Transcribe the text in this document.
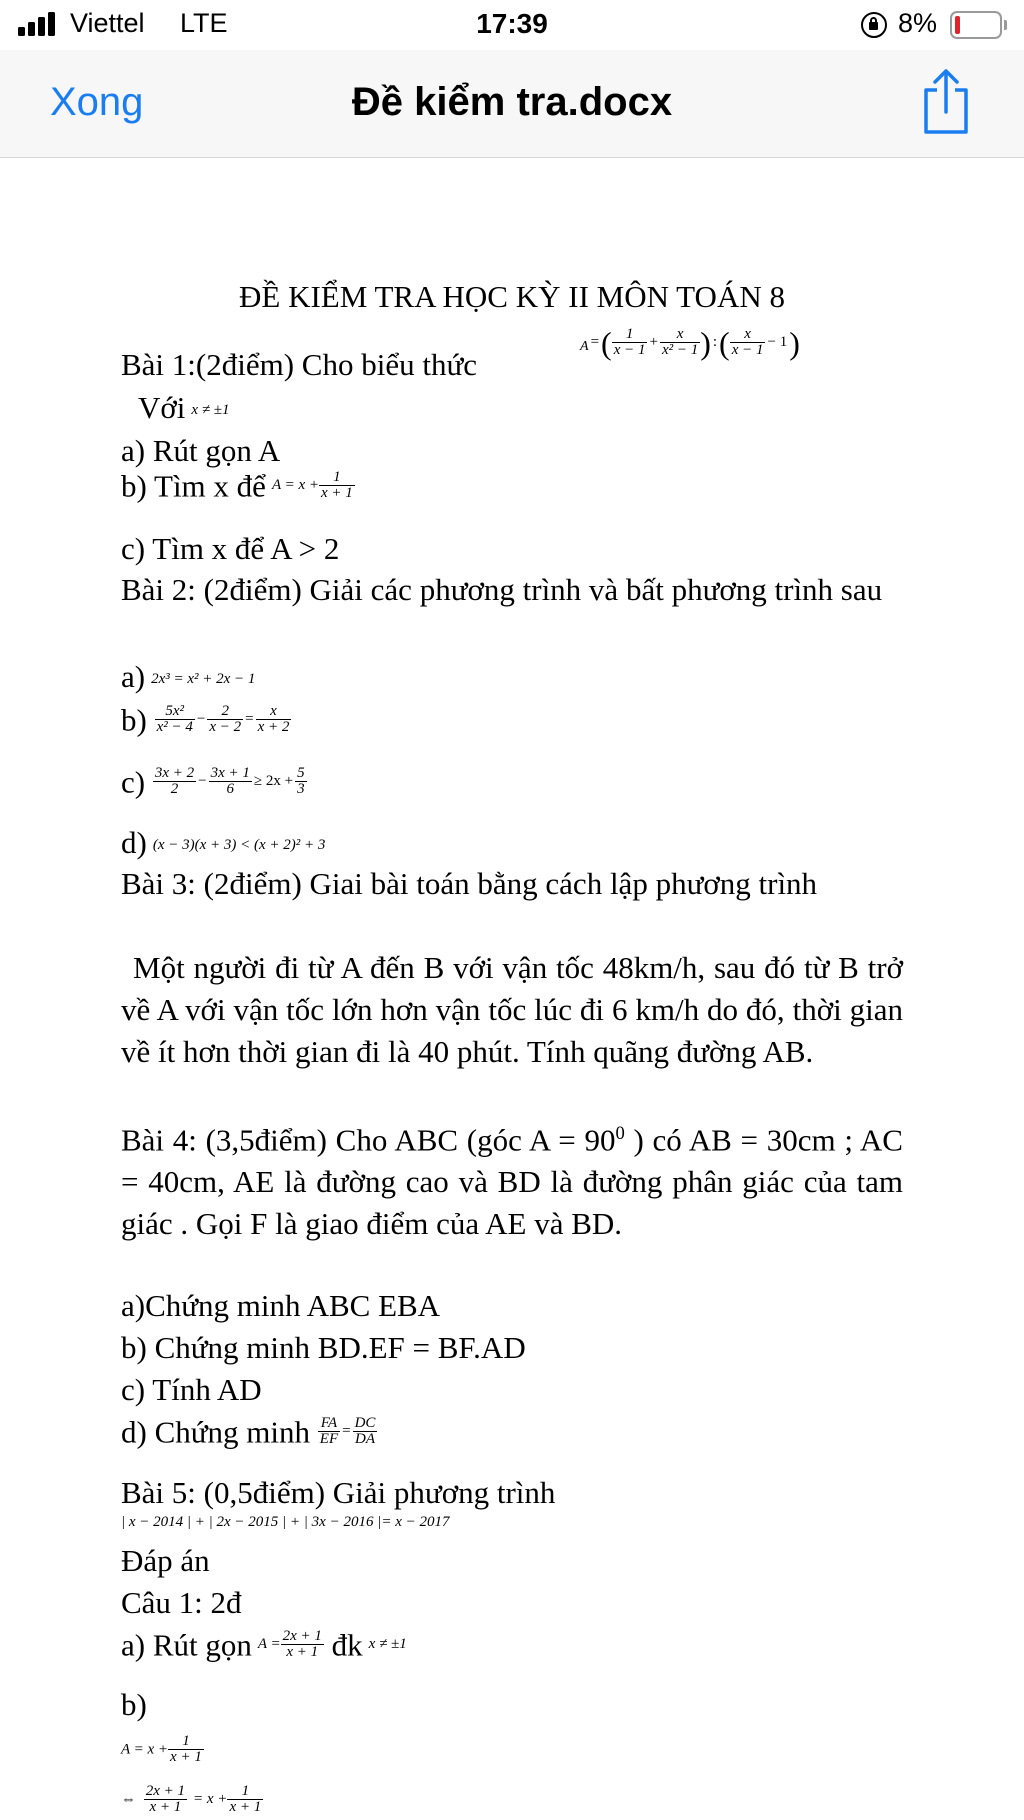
Viettel LTE	17:39	8%
Xong	Đề kiểm tra.docx
ĐỀ KIỂM TRA HỌC KỲ II MÔN TOÁN 8
Bài 1:(2điểm) Cho biểu thức
A =( $\frac{1}{x - 1} + \frac{x}{\text{x² − 1}}$ ) :( $\frac{x}{x - 1} - 1$)
Với x ≠ ±1
a) Rút gọn A
b) Tìm x để $A = x + \frac{1}{x + 1}$
c) Tìm x để A > 2
Bài 2: (2điểm) Giải các phương trình và bất phương trình sau
a) 2x³ = x² + 2x − 1
$b) \frac{\text{5x²}}{\text{x² − 4}} - \frac{2}{x - 2} = \frac{x}{x + 2}$
$c) \frac{3x + 2}{2} - \frac{3x + 1}{6} \ge 2x + \frac{5}{3}$
d) (x − 3)(x + 3) < (x + 2)² + 3
Bài 3: (2điểm) Giai bài toán bằng cách lập phương trình
Một người đi từ A đến B với vận tốc 48km/h, sau đó từ B trở về A với vận tốc lớn hơn vận tốc lúc đi 6 km/h do đó, thời gian về ít hơn thời gian đi là 40 phút. Tính quãng đường AB.
Bài 4: (3,5điểm) Cho ABC (góc $A = 90^0$ ) có AB = 30cm ; AC = 40cm, AE là đường cao và BD là đường phân giác của tam giác . Gọi F là giao điểm của AE và BD.
a)Chứng minh ABC EBA
b) Chứng minh BD.EF = BF.AD
c) Tính AD
d) Chứng minh $\frac{FA}{EF} = \frac{DC}{DA}$
Bài 5: (0,5điểm) Giải phương trình
| x − 2014 | + | 2x − 2015 | + | 3x − 2016 |= x − 2017
Đáp án
Câu 1: 2đ
a) Rút gọn $A = \frac{2x + 1}{x + 1}$ đk x ≠ ±1
b)
$A = x + \frac{1}{x + 1}$
⇔ $\frac{2x + 1}{x + 1} = x + \frac{1}{x + 1}$
